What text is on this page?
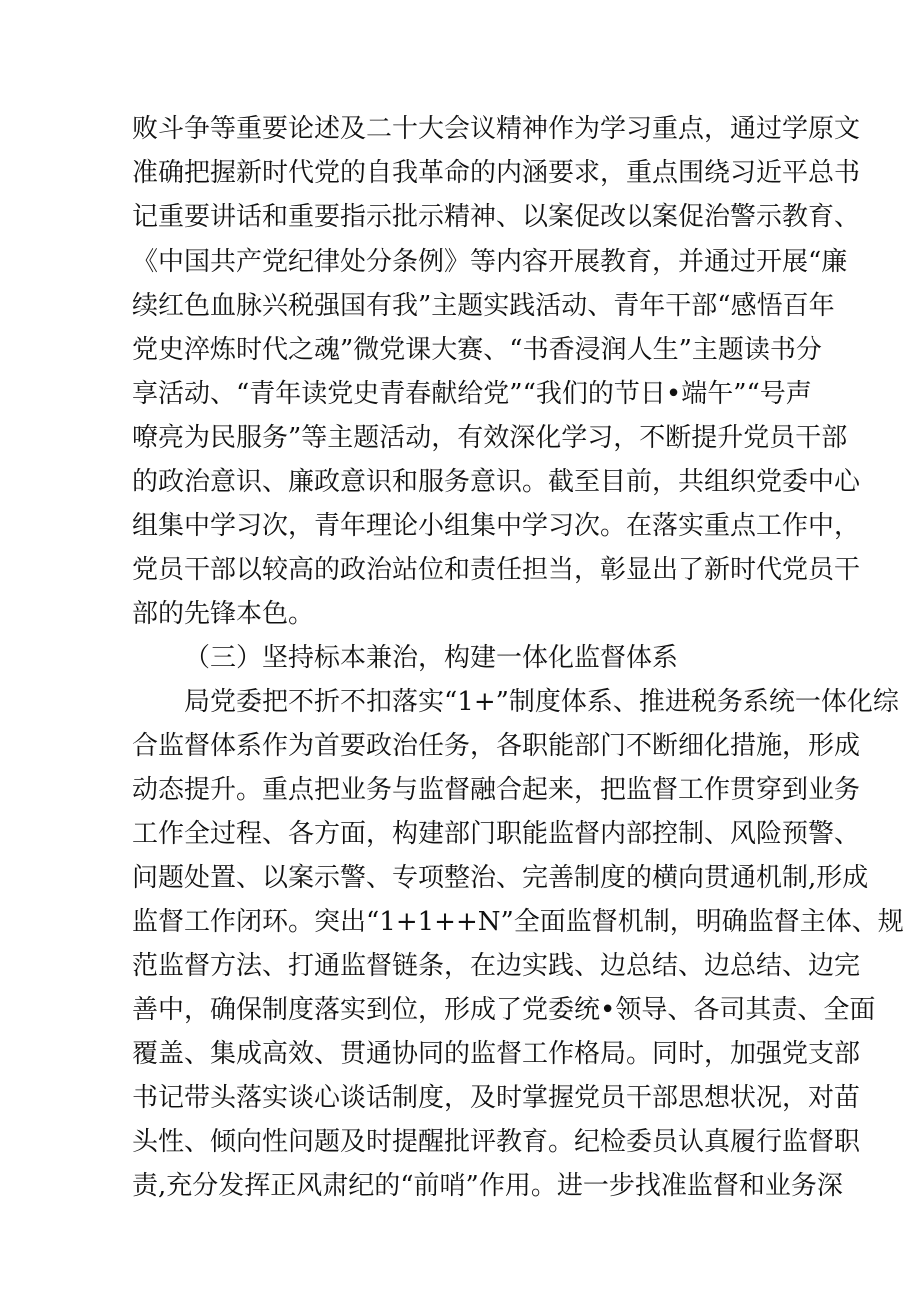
败斗争等重要论述及二十大会议精神作为学习重点，通过学原文
准确把握新时代党的自我革命的内涵要求，重点围绕习近平总书
记重要讲话和重要指示批示精神、以案促改以案促治警示教育、
《中国共产党纪律处分条例》等内容开展教育，并通过开展“廉
续红色血脉兴税强国有我”主题实践活动、青年干部“感悟百年
党史淬炼时代之魂”微党课大赛、“书香浸润人生”主题读书分
享活动、“青年读党史青春献给党”“我们的节日•端午”“号声
嘹亮为民服务”等主题活动，有效深化学习，不断提升党员干部
的政治意识、廉政意识和服务意识。截至目前，共组织党委中心
组集中学习次，青年理论小组集中学习次。在落实重点工作中，
党员干部以较高的政治站位和责任担当，彰显出了新时代党员干
部的先锋本色。
（三）坚持标本兼治，构建一体化监督体系
局党委把不折不扣落实“1+”制度体系、推进税务系统一体化综
合监督体系作为首要政治任务，各职能部门不断细化措施，形成
动态提升。重点把业务与监督融合起来，把监督工作贯穿到业务
工作全过程、各方面，构建部门职能监督内部控制、风险预警、
问题处置、以案示警、专项整治、完善制度的横向贯通机制,形成
监督工作闭环。突出“1+1++N”全面监督机制，明确监督主体、规
范监督方法、打通监督链条，在边实践、边总结、边总结、边完
善中，确保制度落实到位，形成了党委统•领导、各司其责、全面
覆盖、集成高效、贯通协同的监督工作格局。同时，加强党支部
书记带头落实谈心谈话制度，及时掌握党员干部思想状况，对苗
头性、倾向性问题及时提醒批评教育。纪检委员认真履行监督职
责,充分发挥正风肃纪的“前哨”作用。进一步找准监督和业务深
